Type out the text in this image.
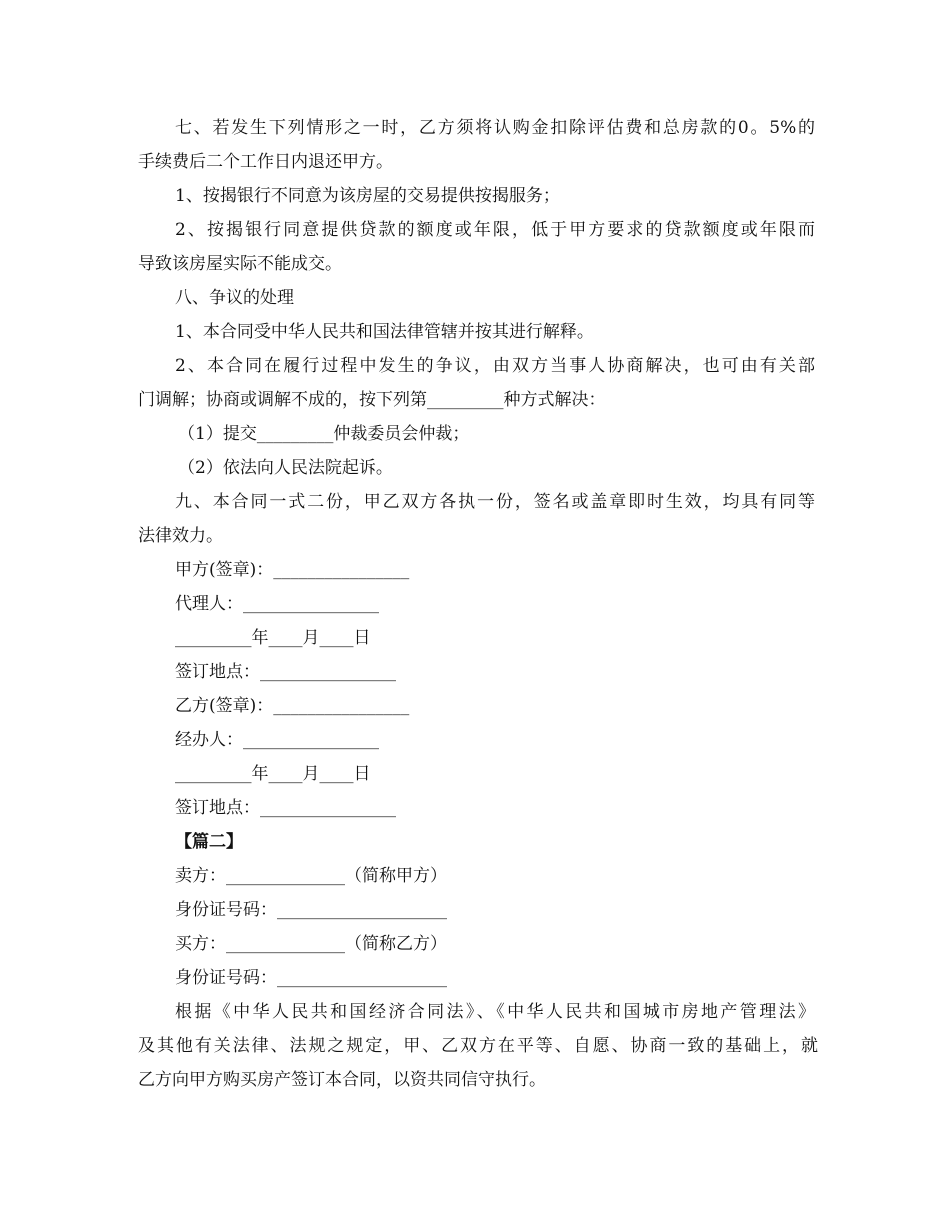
七、若发生下列情形之一时，乙方须将认购金扣除评估费和总房款的0。5%的
手续费后二个工作日内退还甲方。
1、按揭银行不同意为该房屋的交易提供按揭服务；
2、按揭银行同意提供贷款的额度或年限，低于甲方要求的贷款额度或年限而
导致该房屋实际不能成交。
八、争议的处理
1、本合同受中华人民共和国法律管辖并按其进行解释。
2、本合同在履行过程中发生的争议，由双方当事人协商解决，也可由有关部
门调解；协商或调解不成的，按下列第_________种方式解决：
（1）提交_________仲裁委员会仲裁；
（2）依法向人民法院起诉。
九、本合同一式二份，甲乙双方各执一份，签名或盖章即时生效，均具有同等
法律效力。
甲方(签章)：________________
代理人：________________
_________年____月____日
签订地点：________________
乙方(签章)：________________
经办人：________________
_________年____月____日
签订地点：________________
【篇二】
卖方：______________（简称甲方）
身份证号码：____________________
买方：______________（简称乙方）
身份证号码：____________________
根据《中华人民共和国经济合同法》、《中华人民共和国城市房地产管理法》
及其他有关法律、法规之规定，甲、乙双方在平等、自愿、协商一致的基础上，就
乙方向甲方购买房产签订本合同，以资共同信守执行。
